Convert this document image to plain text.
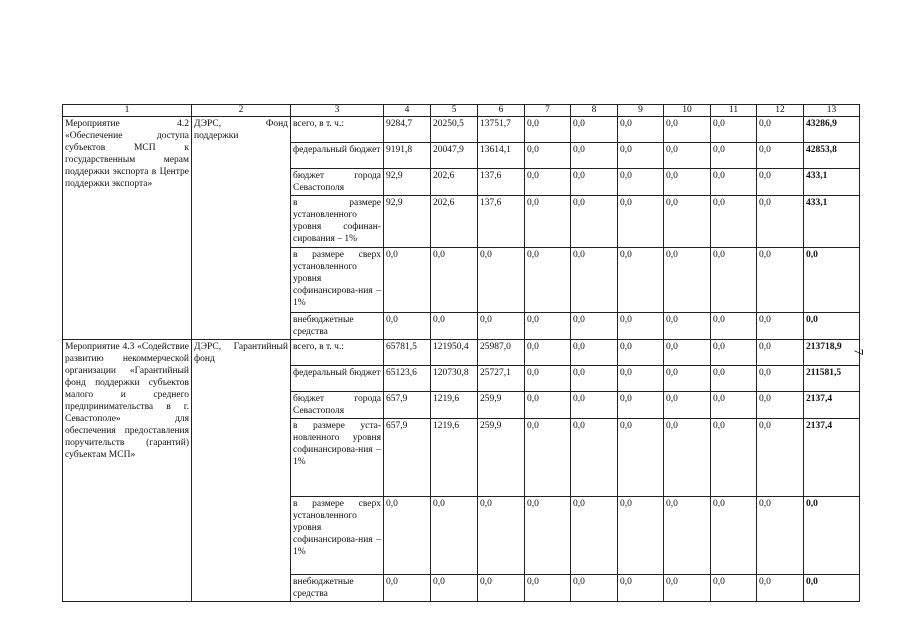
1	2	3	4	5	6	7	8	9	10	11	12	13
Мероприятие 4.2 «Обеспечение доступа субъектов МСП к государственным мерам поддержки экспорта в Центре поддержки экспорта»	ДЭРС, Фонд поддержки	всего, в т. ч.:	9284,7	20250,5	13751,7	0,0	0,0	0,0	0,0	0,0	0,0	43286,9
		федеральный бюджет	9191,8	20047,9	13614,1	0,0	0,0	0,0	0,0	0,0	0,0	42853,8
		бюджет города Севастополя	92,9	202,6	137,6	0,0	0,0	0,0	0,0	0,0	0,0	433,1
		в размере установленного уровня софинан-сирования – 1%	92,9	202,6	137,6	0,0	0,0	0,0	0,0	0,0	0,0	433,1
		в размере сверх установленного уровня софинансирова-ния – 1%	0,0	0,0	0,0	0,0	0,0	0,0	0,0	0,0	0,0	0,0
		внебюджетные средства	0,0	0,0	0,0	0,0	0,0	0,0	0,0	0,0	0,0	0,0
Мероприятие 4.3 «Содействие развитию некоммерческой организации «Гарантийный фонд поддержки субъектов малого и среднего предпринимательства в г. Севастополе» для обеспечения предоставления поручительств (гарантий) субъектам МСП»	ДЭРС, Гарантийный фонд	всего, в т. ч.:	65781,5	121950,4	25987,0	0,0	0,0	0,0	0,0	0,0	0,0	213718,9
		федеральный бюджет	65123,6	120730,8	25727,1	0,0	0,0	0,0	0,0	0,0	0,0	211581,5
		бюджет города Севастополя	657,9	1219,6	259,9	0,0	0,0	0,0	0,0	0,0	0,0	2137,4
		в размере уста-новленного уровня софинансирова-ния – 1%	657,9	1219,6	259,9	0,0	0,0	0,0	0,0	0,0	0,0	2137,4
		в размере сверх установленного уровня софинансирова-ния – 1%	0,0	0,0	0,0	0,0	0,0	0,0	0,0	0,0	0,0	0,0
		внебюджетные средства	0,0	0,0	0,0	0,0	0,0	0,0	0,0	0,0	0,0	0,0
7
